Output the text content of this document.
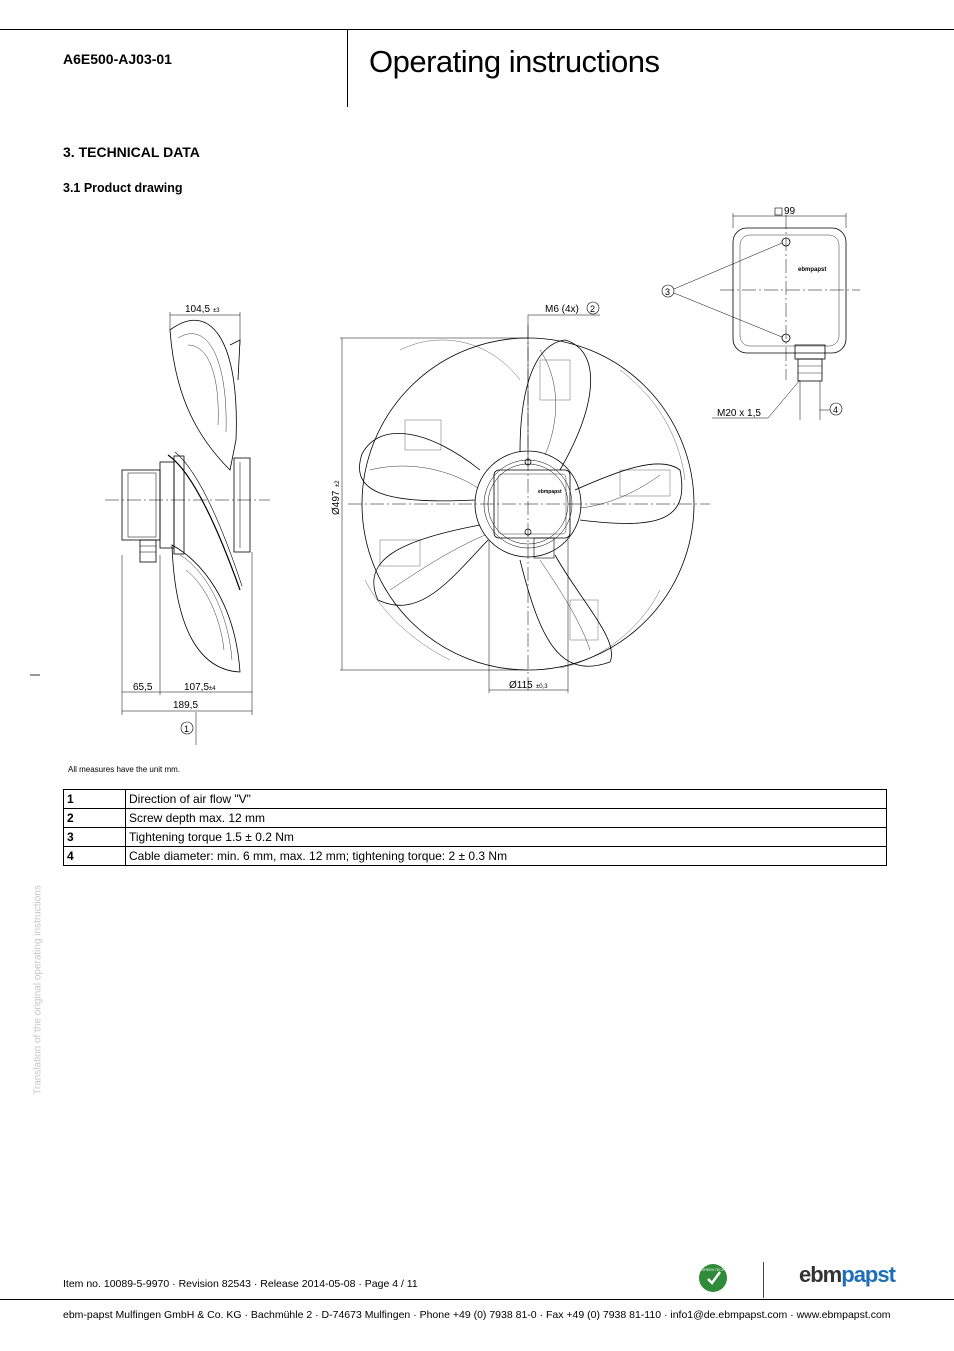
A6E500-AJ03-01	Operating instructions
3. TECHNICAL DATA
3.1 Product drawing
104,5 ±3
65,5	107,5 ±4
189,5
1
Ø497
±2
Ø115 ±0,3
M6 (4x) 2
99
3
M20 x 1,5	4
ebmpapst
ebmpapst
All measures have the unit mm.
1	Direction of air flow "V"
2	Screw depth max. 12 mm
3	Tightening torque 1.5 ± 0.2 Nm
4	Cable diameter: min. 6 mm, max. 12 mm; tightening torque: 2 ± 0.3 Nm
Translation of the original operating instructions
Item no. 10089-5-9970 · Revision 82543 · Release 2014-05-08 · Page 4 / 11
GREEN TECH	ebmpapst
ebm-papst Mulfingen GmbH & Co. KG · Bachmühle 2 · D-74673 Mulfingen · Phone +49 (0) 7938 81-0 · Fax +49 (0) 7938 81-110 · info1@de.ebmpapst.com · www.ebmpapst.com
